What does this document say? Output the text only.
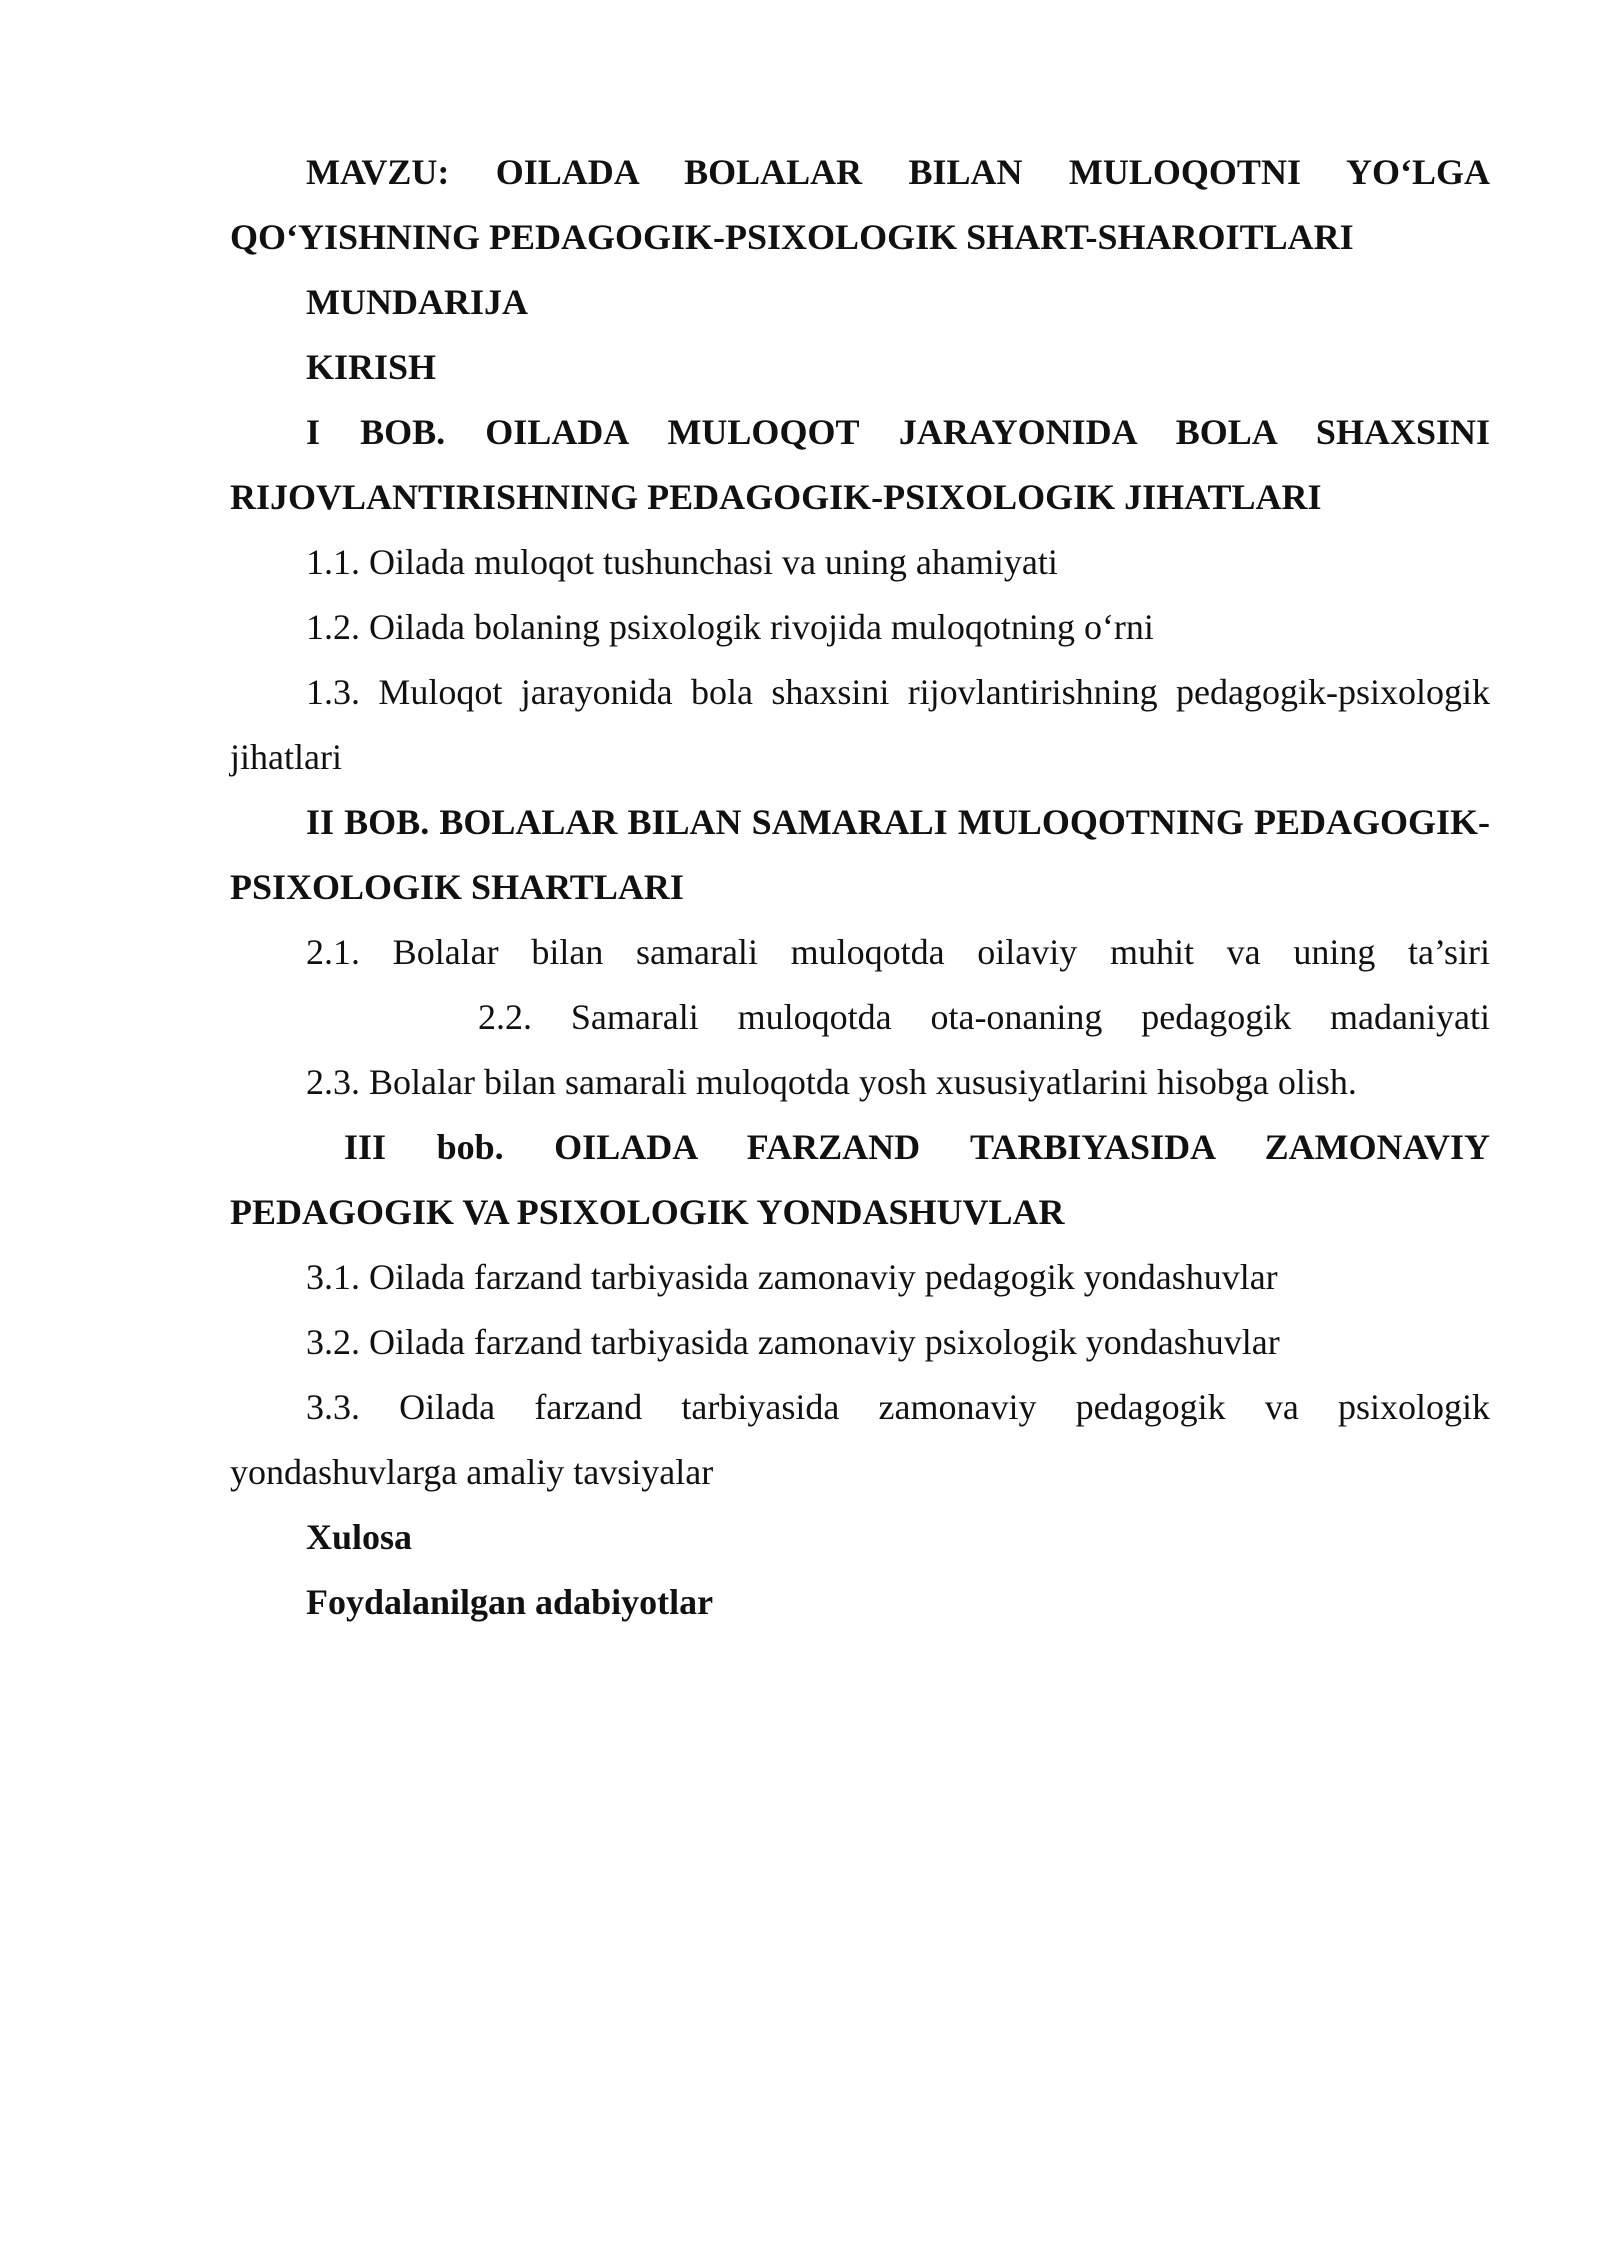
MAVZU: OILADA BOLALAR BILAN MULOQOTNI YO‘LGA QO‘YISHNING PEDAGOGIK-PSIXOLOGIK SHART-SHAROITLARI

MUNDARIJA

KIRISH

I BOB. OILADA MULOQOT JARAYONIDA BOLA SHAXSINI RIJOVLANTIRISHNING PEDAGOGIK-PSIXOLOGIK JIHATLARI

1.1. Oilada muloqot tushunchasi va uning ahamiyati

1.2. Oilada bolaning psixologik rivojida muloqotning o‘rni

1.3. Muloqot jarayonida bola shaxsini rijovlantirishning pedagogik-psixologik jihatlari

II BOB. BOLALAR BILAN SAMARALI MULOQOTNING PEDAGOGIK-PSIXOLOGIK SHARTLARI

2.1. Bolalar bilan samarali muloqotda oilaviy muhit va uning ta’siri

2.2. Samarali muloqotda ota-onaning pedagogik madaniyati

2.3. Bolalar bilan samarali muloqotda yosh xususiyatlarini hisobga olish.

III bob. OILADA FARZAND TARBIYASIDA ZAMONAVIY PEDAGOGIK VA PSIXOLOGIK YONDASHUVLAR

3.1. Oilada farzand tarbiyasida zamonaviy pedagogik yondashuvlar

3.2. Oilada farzand tarbiyasida zamonaviy psixologik yondashuvlar

3.3. Oilada farzand tarbiyasida zamonaviy pedagogik va psixologik yondashuvlarga amaliy tavsiyalar

Xulosa

Foydalanilgan adabiyotlar
